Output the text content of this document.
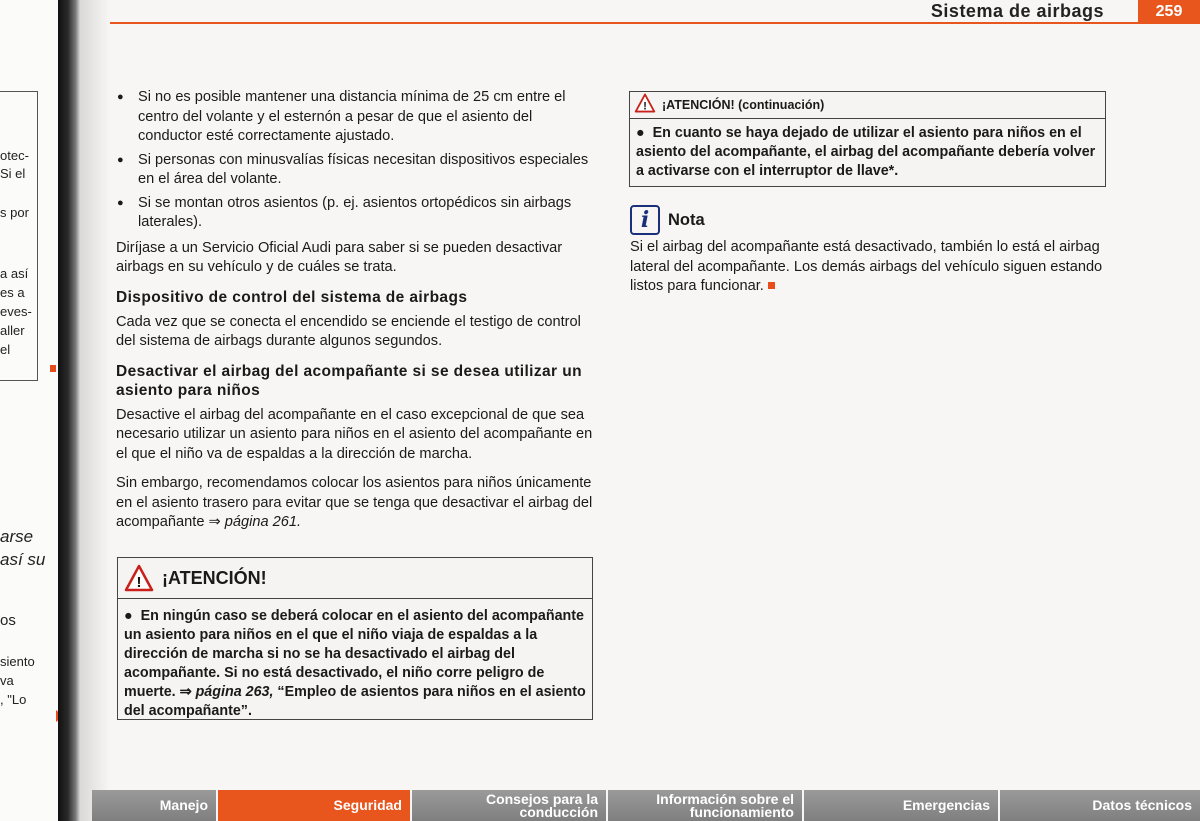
otec-
Si el
s por
a así
es a
eves-
aller
el
arse
así su
os
siento
va
, "Lo
Sistema de airbags	259
● Si no es posible mantener una distancia mínima de 25 cm entre el centro del volante y el esternón a pesar de que el asiento del conductor esté correctamente ajustado.
● Si personas con minusvalías físicas necesitan dispositivos especiales en el área del volante.
● Si se montan otros asientos (p. ej. asientos ortopédicos sin airbags laterales).

Diríjase a un Servicio Oficial Audi para saber si se pueden desactivar airbags en su vehículo y de cuáles se trata.

Dispositivo de control del sistema de airbags

Cada vez que se conecta el encendido se enciende el testigo de control del sistema de airbags durante algunos segundos.

Desactivar el airbag del acompañante si se desea utilizar un asiento para niños

Desactive el airbag del acompañante en el caso excepcional de que sea necesario utilizar un asiento para niños en el asiento del acompañante en el que el niño va de espaldas a la dirección de marcha.

Sin embargo, recomendamos colocar los asientos para niños únicamente en el asiento trasero para evitar que se tenga que desactivar el airbag del acompañante ⇒ página 261.

! ¡ATENCIÓN!
● En ningún caso se deberá colocar en el asiento del acompañante un asiento para niños en el que el niño viaja de espaldas a la dirección de marcha si no se ha desactivado el airbag del acompañante. Si no está desactivado, el niño corre peligro de muerte. ⇒ página 263, “Empleo de asientos para niños en el asiento del acompañante”.
! ¡ATENCIÓN! (continuación)
● En cuanto se haya dejado de utilizar el asiento para niños en el asiento del acompañante, el airbag del acompañante debería volver a activarse con el interruptor de llave*.
i	Nota
Si el airbag del acompañante está desactivado, también lo está el airbag lateral del acompañante. Los demás airbags del vehículo siguen estando listos para funcionar.
Manejo	Seguridad	Consejos para la conducción
Información sobre el funcionamiento	Emergencias	Datos técnicos
